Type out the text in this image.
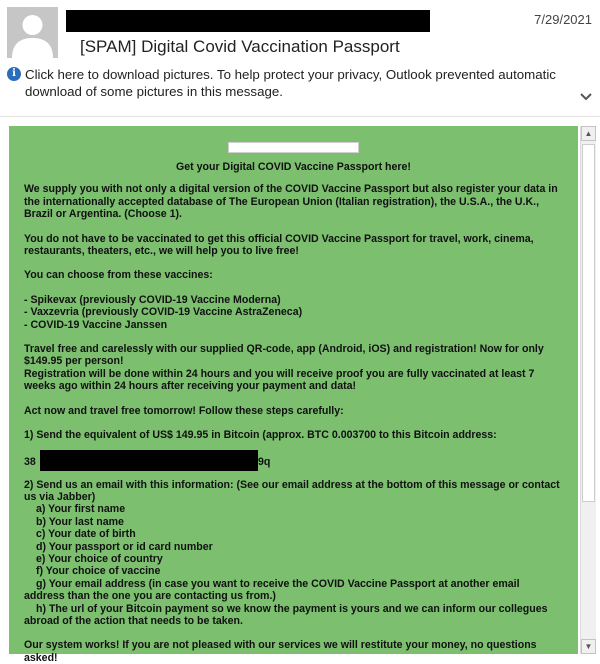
7/29/2021
[SPAM] Digital Covid Vaccination Passport
i Click here to download pictures. To help protect your privacy, Outlook prevented automatic download of some pictures in this message.
Get your Digital COVID Vaccine Passport here!
We supply you with not only a digital version of the COVID Vaccine Passport but also register your data in the internationally accepted database of The European Union (Italian registration), the U.S.A., the U.K., Brazil or Argentina. (Choose 1).
You do not have to be vaccinated to get this official COVID Vaccine Passport for travel, work, cinema, restaurants, theaters, etc., we will help you to live free!
You can choose from these vaccines:
- Spikevax (previously COVID-19 Vaccine Moderna)
- Vaxzevria (previously COVID-19 Vaccine AstraZeneca)
- COVID-19 Vaccine Janssen
Travel free and carelessly with our supplied QR-code, app (Android, iOS) and registration! Now for only $149.95 per person!
Registration will be done within 24 hours and you will receive proof you are fully vaccinated at least 7 weeks ago within 24 hours after receiving your payment and data!
Act now and travel free tomorrow! Follow these steps carefully:
1) Send the equivalent of US$ 149.95 in Bitcoin (approx. BTC 0.003700 to this Bitcoin address:
38	9q
2) Send us an email with this information: (See our email address at the bottom of this message or contact us via Jabber)
a) Your first name
b) Your last name
c) Your date of birth
d) Your passport or id card number
e) Your choice of country
f) Your choice of vaccine
g) Your email address (in case you want to receive the COVID Vaccine Passport at another email address than the one you are contacting us from.)
h) The url of your Bitcoin payment so we know the payment is yours and we can inform our collegues abroad of the action that needs to be taken.
Our system works! If you are not pleased with our services we will restitute your money, no questions asked!
▲
▼
